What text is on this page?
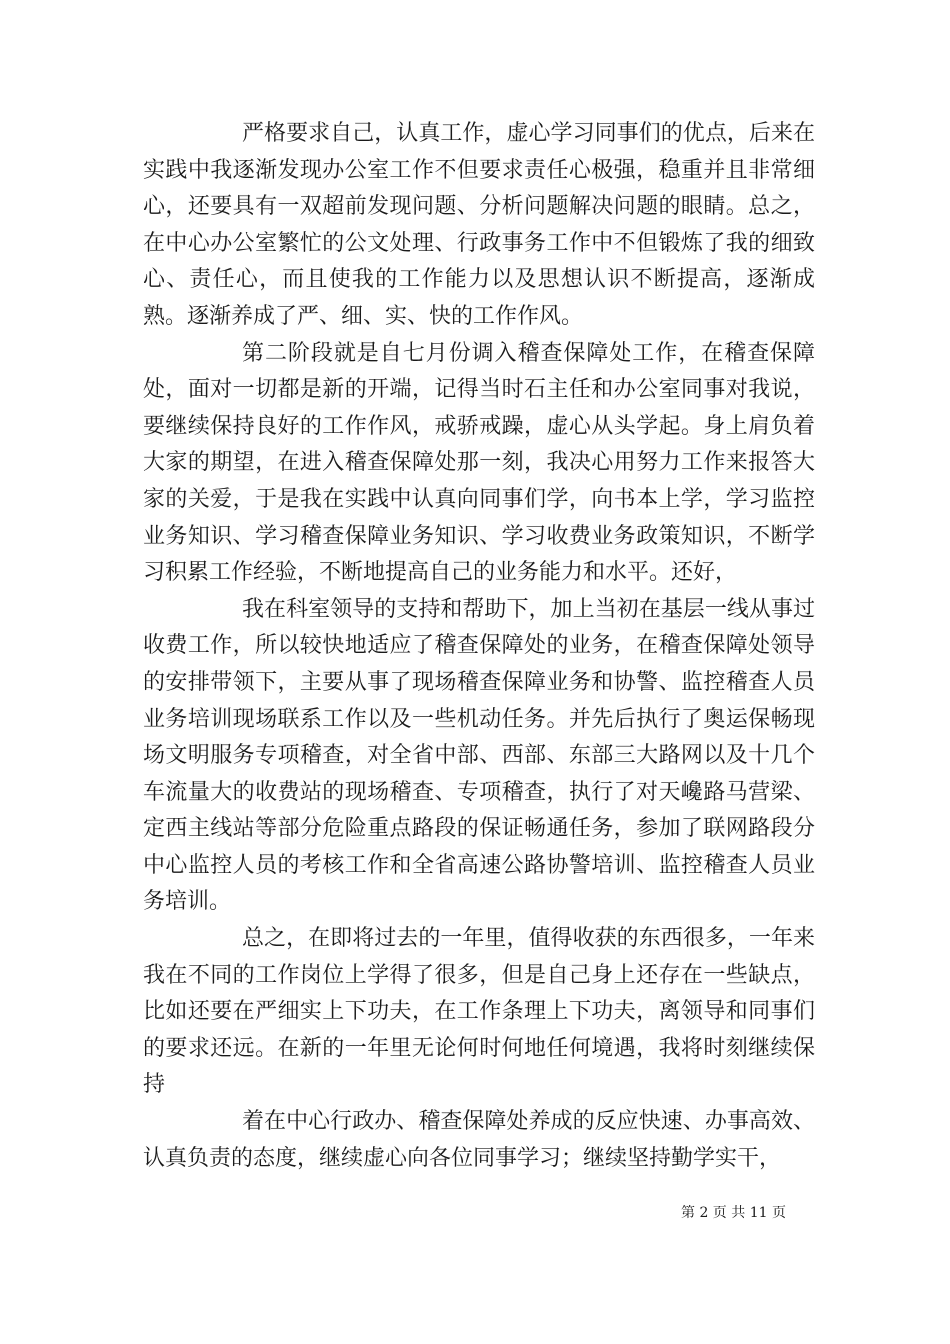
严格要求自己，认真工作，虚心学习同事们的优点，后来在实践中我逐渐发现办公室工作不但要求责任心极强，稳重并且非常细心，还要具有一双超前发现问题、分析问题解决问题的眼睛。总之，在中心办公室繁忙的公文处理、行政事务工作中不但锻炼了我的细致心、责任心，而且使我的工作能力以及思想认识不断提高，逐渐成熟。逐渐养成了严、细、实、快的工作作风。

第二阶段就是自七月份调入稽查保障处工作，在稽查保障处，面对一切都是新的开端，记得当时石主任和办公室同事对我说，要继续保持良好的工作作风，戒骄戒躁，虚心从头学起。身上肩负着大家的期望，在进入稽查保障处那一刻，我决心用努力工作来报答大家的关爱，于是我在实践中认真向同事们学，向书本上学，学习监控业务知识、学习稽查保障业务知识、学习收费业务政策知识，不断学习积累工作经验，不断地提高自己的业务能力和水平。还好，

我在科室领导的支持和帮助下，加上当初在基层一线从事过收费工作，所以较快地适应了稽查保障处的业务，在稽查保障处领导的安排带领下，主要从事了现场稽查保障业务和协警、监控稽查人员业务培训现场联系工作以及一些机动任务。并先后执行了奥运保畅现场文明服务专项稽查，对全省中部、西部、东部三大路网以及十几个车流量大的收费站的现场稽查、专项稽查，执行了对天巉路马营梁、定西主线站等部分危险重点路段的保证畅通任务，参加了联网路段分中心监控人员的考核工作和全省高速公路协警培训、监控稽查人员业务培训。

总之，在即将过去的一年里，值得收获的东西很多，一年来我在不同的工作岗位上学得了很多，但是自己身上还存在一些缺点，比如还要在严细实上下功夫，在工作条理上下功夫，离领导和同事们的要求还远。在新的一年里无论何时何地任何境遇，我将时刻继续保持

着在中心行政办、稽查保障处养成的反应快速、办事高效、认真负责的态度，继续虚心向各位同事学习；继续坚持勤学实干，

第 2 页 共 11 页
